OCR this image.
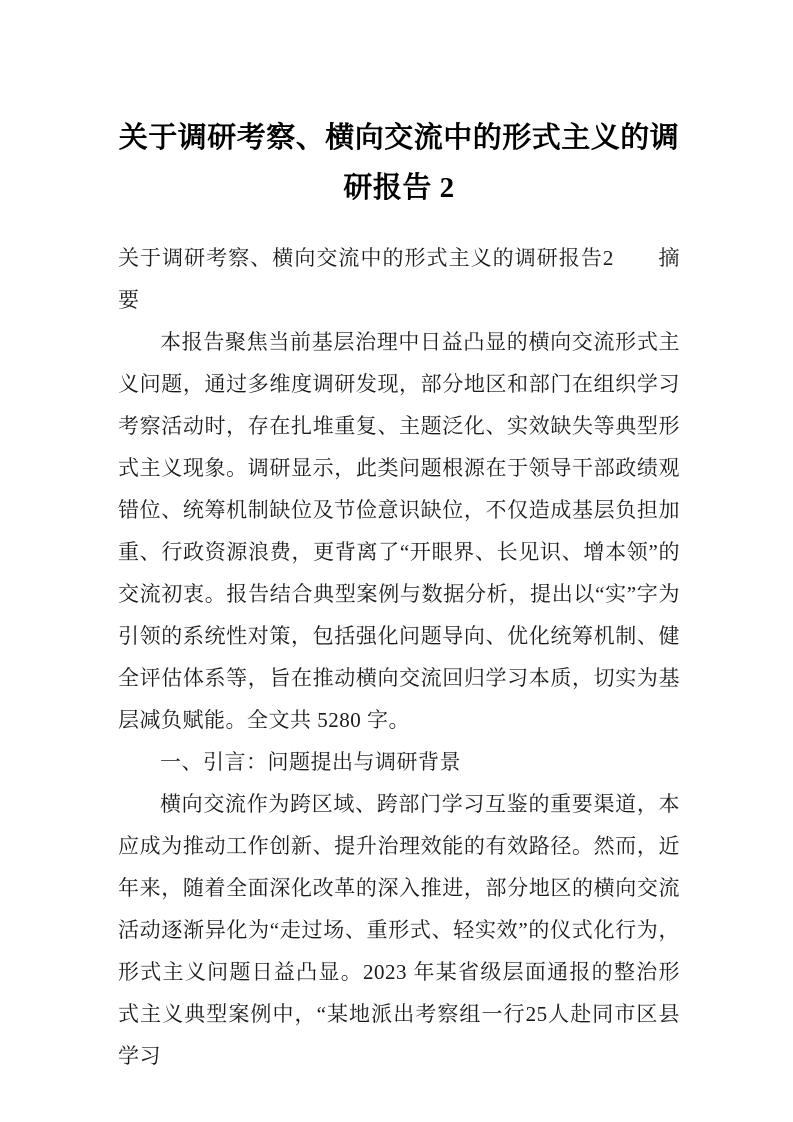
关于调研考察、横向交流中的形式主义的调研报告 2

关于调研考察、横向交流中的形式主义的调研报告2　　摘要

本报告聚焦当前基层治理中日益凸显的横向交流形式主义问题，通过多维度调研发现，部分地区和部门在组织学习考察活动时，存在扎堆重复、主题泛化、实效缺失等典型形式主义现象。调研显示，此类问题根源在于领导干部政绩观错位、统筹机制缺位及节俭意识缺位，不仅造成基层负担加重、行政资源浪费，更背离了“开眼界、长见识、增本领”的交流初衷。报告结合典型案例与数据分析，提出以“实”字为引领的系统性对策，包括强化问题导向、优化统筹机制、健全评估体系等，旨在推动横向交流回归学习本质，切实为基层减负赋能。全文共 5280 字。

一、引言：问题提出与调研背景

横向交流作为跨区域、跨部门学习互鉴的重要渠道，本应成为推动工作创新、提升治理效能的有效路径。然而，近年来，随着全面深化改革的深入推进，部分地区的横向交流活动逐渐异化为“走过场、重形式、轻实效”的仪式化行为，形式主义问题日益凸显。2023 年某省级层面通报的整治形式主义典型案例中，“某地派出考察组一行25人赴同市区县学习
